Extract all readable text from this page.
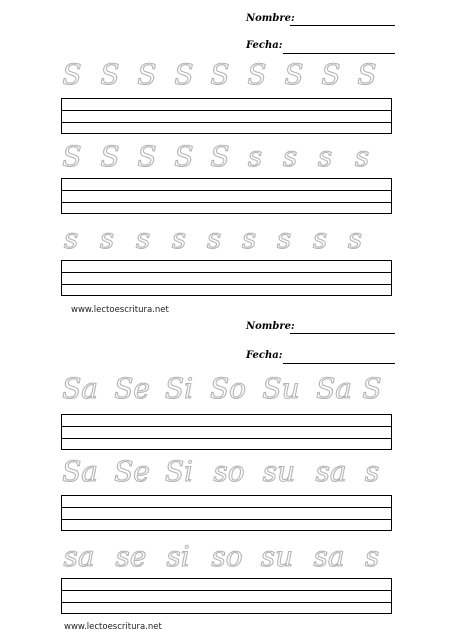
Nombre:
Fecha:
S S S S S S S S S
S S S S S s s s s
s s s s s s s s s
www.lectoescritura.net
Nombre:
Fecha:
Sa Se Si So Su Sa S
Sa Se Si so su sa s
sa se si so su sa s
www.lectoescritura.net
